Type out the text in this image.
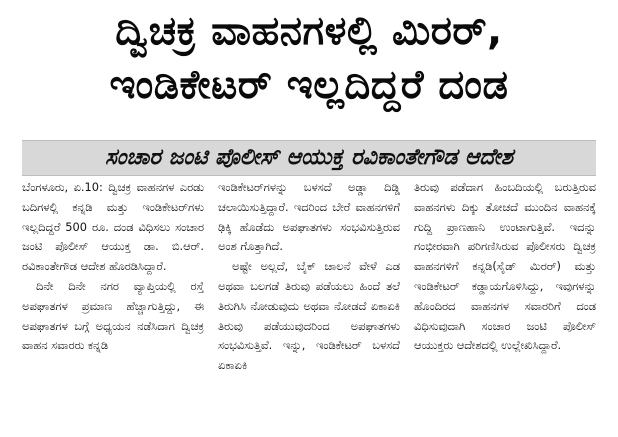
ದ್ವಿಚಕ್ರ ವಾಹನಗಳಲ್ಲಿ ಮಿರರ್,
ಇಂಡಿಕೇಟರ್ ಇಲ್ಲದಿದ್ದರೆ ದಂಡ
ಸಂಚಾರ ಜಂಟಿ ಪೊಲೀಸ್ ಆಯುಕ್ತ ರವಿಕಾಂತೇಗೌಡ ಆದೇಶ

ಬೆಂಗಳೂರು, ಏ.10: ದ್ವಿಚಕ್ರ ವಾಹನಗಳ ಎರಡು ಬದಿಗಳಲ್ಲಿ ಕನ್ನಡಿ ಮತ್ತು ಇಂಡಿಕೇಟರ್‌ಗಳು ಇಲ್ಲದಿದ್ದರೆ 500 ರೂ. ದಂಡ ವಿಧಿಸಲು ಸಂಚಾರ ಜಂಟಿ ಪೊಲೀಸ್ ಆಯುಕ್ತ ಡಾ. ಬಿ.ಆರ್. ರವಿಕಾಂತೇಗೌಡ ಆದೇಶ ಹೊರಡಿಸಿದ್ದಾರೆ.

ದಿನೇ ದಿನೇ ನಗರ ವ್ಯಾಪ್ತಿಯಲ್ಲಿ ರಸ್ತೆ ಅಪಘಾತಗಳ ಪ್ರಮಾಣ ಹೆಚ್ಚಾಗುತ್ತಿದ್ದು, ಈ ಅಪಘಾತಗಳ ಬಗ್ಗೆ ಅಧ್ಯಯನ ನಡೆಸಿದಾಗ ದ್ವಿಚಕ್ರ ವಾಹನ ಸವಾರರು ಕನ್ನಡಿ

ಇಂಡಿಕೇಟರ್‌ಗಳನ್ನು ಬಳಸದೆ ಅಡ್ಡಾ ದಿಡ್ಡಿ ಚಲಾಯಿಸುತ್ತಿದ್ದಾರೆ. ಇದರಿಂದ ಬೇರೆ ವಾಹನಗಳಿಗೆ ಢಿಕ್ಕಿ ಹೊಡೆದು ಅಪಘಾತಗಳು ಸಂಭವಿಸುತ್ತಿರುವ ಅಂಶ ಗೊತ್ತಾಗಿದೆ.

ಅಷ್ಟೇ ಅಲ್ಲದೆ, ಬೈಕ್ ಚಾಲನೆ ವೇಳೆ ಎಡ ಅಥವಾ ಬಲಗಡೆ ತಿರುವು ಪಡೆಯಲು ಹಿಂದೆ ತಲೆ ತಿರುಗಿಸಿ ನೋಡುವುದು ಅಥವಾ ನೋಡದೆ ಏಕಾಏಕಿ ತಿರುವು ಪಡೆಯುವುದರಿಂದ ಅಪಘಾತಗಳು ಸಂಭವಿಸುತ್ತಿವೆ. ಇನ್ನು, ಇಂಡಿಕೇಟರ್ ಬಳಸದೆ ಏಕಾಏಕಿ

ತಿರುವು ಪಡೆದಾಗ ಹಿಂಬದಿಯಲ್ಲಿ ಬರುತ್ತಿರುವ ವಾಹನಗಳು ದಿಕ್ಕು ತೋಚದೆ ಮುಂದಿನ ವಾಹನಕ್ಕೆ ಗುದ್ದಿ ಪ್ರಾಣಹಾನಿ ಉಂಟಾಗುತ್ತಿವೆ. ಇದನ್ನು ಗಂಭೀರವಾಗಿ ಪರಿಗಣಿಸಿರುವ ಪೊಲೀಸರು ದ್ವಿಚಕ್ರ ವಾಹನಗಳಿಗೆ ಕನ್ನಡಿ(ಸೈಡ್ ಮಿರರ್) ಮತ್ತು ಇಂಡಿಕೇಟರ್ ಕಡ್ಡಾಯಗೊಳಿಸಿದ್ದು, ಇವುಗಳನ್ನು ಹೊಂದಿರದ ವಾಹನಗಳ ಸವಾರರಿಗೆ ದಂಡ ವಿಧಿಸುವುದಾಗಿ ಸಂಚಾರ ಜಂಟಿ ಪೊಲೀಸ್ ಆಯುಕ್ತರು ಆದೇಶದಲ್ಲಿ ಉಲ್ಲೇಖಿಸಿದ್ದಾರೆ.
